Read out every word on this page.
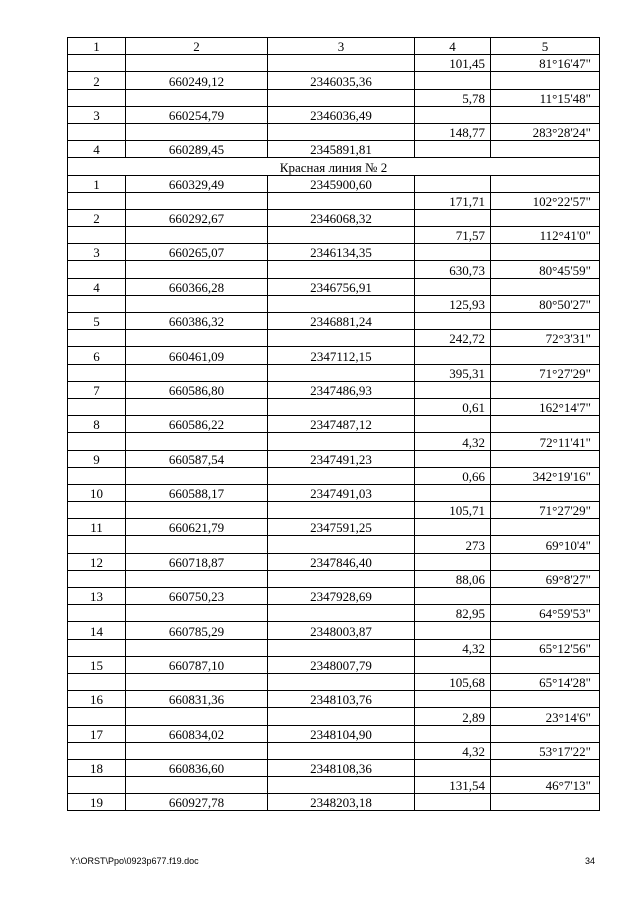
1	2	3	4	5
			101,45	81°16'47"
2	660249,12	2346035,36		
			5,78	11°15'48"
3	660254,79	2346036,49		
			148,77	283°28'24"
4	660289,45	2345891,81		
Красная линия № 2				
1	660329,49	2345900,60		
			171,71	102°22'57"
2	660292,67	2346068,32		
			71,57	112°41'0"
3	660265,07	2346134,35		
			630,73	80°45'59"
4	660366,28	2346756,91		
			125,93	80°50'27"
5	660386,32	2346881,24		
			242,72	72°3'31"
6	660461,09	2347112,15		
			395,31	71°27'29"
7	660586,80	2347486,93		
			0,61	162°14'7"
8	660586,22	2347487,12		
			4,32	72°11'41"
9	660587,54	2347491,23		
			0,66	342°19'16"
10	660588,17	2347491,03		
			105,71	71°27'29"
11	660621,79	2347591,25		
			273	69°10'4"
12	660718,87	2347846,40		
			88,06	69°8'27"
13	660750,23	2347928,69		
			82,95	64°59'53"
14	660785,29	2348003,87		
			4,32	65°12'56"
15	660787,10	2348007,79		
			105,68	65°14'28"
16	660831,36	2348103,76		
			2,89	23°14'6"
17	660834,02	2348104,90		
			4,32	53°17'22"
18	660836,60	2348108,36		
			131,54	46°7'13"
19	660927,78	2348203,18		
Y:\ORST\Ppo\0923p677.f19.doc	34
